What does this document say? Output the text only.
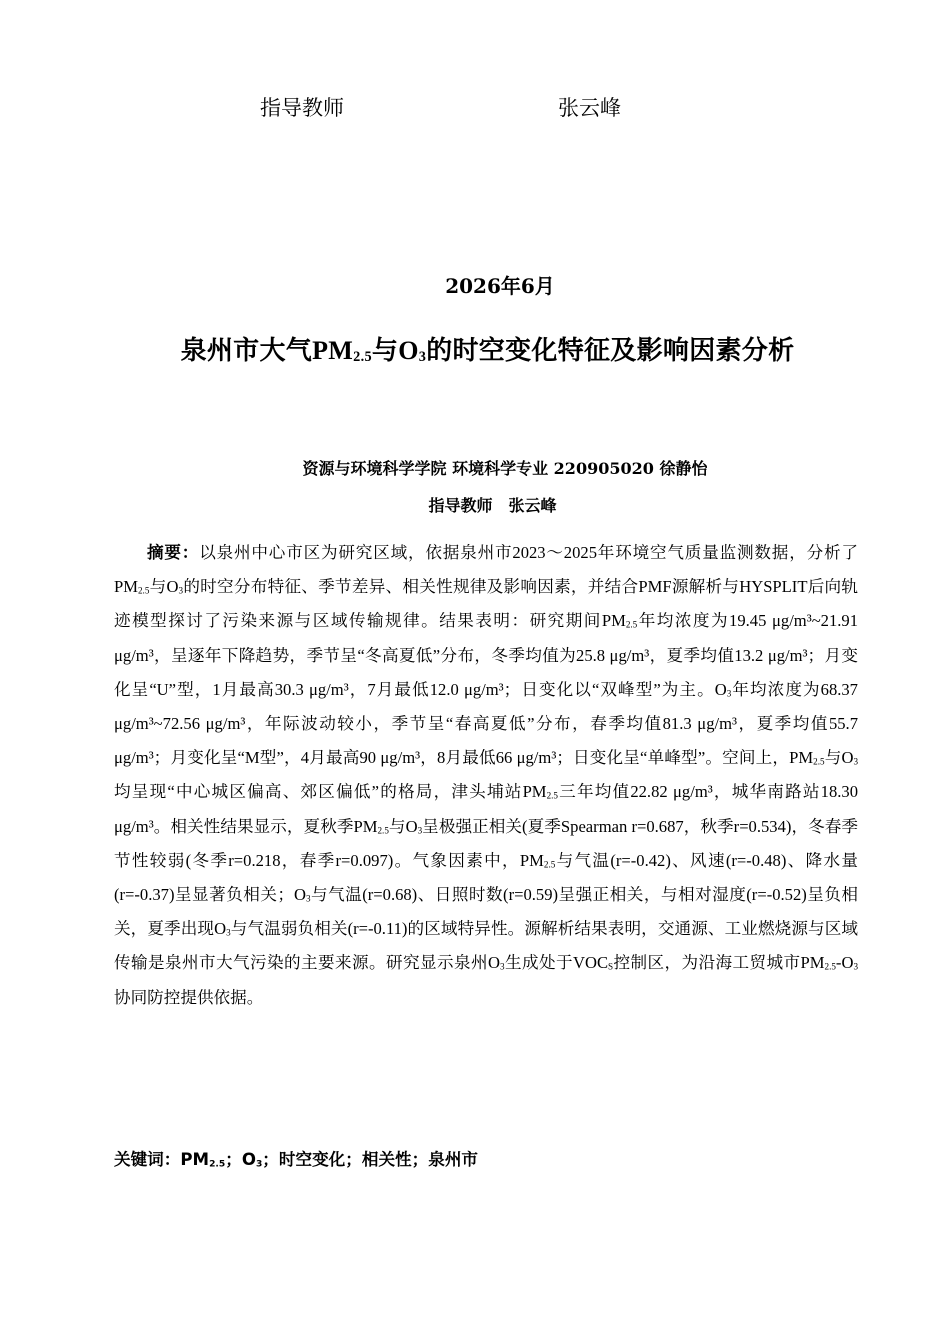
指导教师	张云峰
2026年6月
泉州市大气$PM_{2.5}$与$O_3$的时空变化特征及影响因素分析
资源与环境科学学院 环境科学专业 220905020 徐静怡
指导教师 张云峰

摘要：以泉州中心市区为研究区域，依据泉州市2023～2025年环境空气质量监测数据，分析了$PM_{2.5}$与$O_3$的时空分布特征、季节差异、相关性规律及影响因素，并结合PMF源解析与HYSPLIT后向轨迹模型探讨了污染来源与区域传输规律。结果表明：研究期间$PM_{2.5}$年均浓度为19.45 μg/m³~21.91 μg/m³，呈逐年下降趋势，季节呈“冬高夏低”分布，冬季均值为25.8 μg/m³，夏季均值13.2 μg/m³；月变化呈“U”型，1月最高30.3 μg/m³，7月最低12.0 μg/m³；日变化以“双峰型”为主。$O_3$年均浓度为68.37 μg/m³~72.56 μg/m³，年际波动较小，季节呈“春高夏低”分布，春季均值81.3 μg/m³，夏季均值55.7 μg/m³；月变化呈“M型”，4月最高90 μg/m³，8月最低66 μg/m³；日变化呈“单峰型”。空间上，$PM_{2.5}$与$O_3$均呈现“中心城区偏高、郊区偏低”的格局，津头埔站$PM_{2.5}$三年均值22.82 μg/m³，城华南路站18.30 μg/m³。相关性结果显示，夏秋季$PM_{2.5}$与$O_3$呈极强正相关(夏季Spearman r=0.687，秋季r=0.534)，冬春季节性较弱(冬季r=0.218，春季r=0.097)。气象因素中，$PM_{2.5}$与气温(r=-0.42)、风速(r=-0.48)、降水量(r=-0.37)呈显著负相关；$O_3$与气温(r=0.68)、日照时数(r=0.59)呈强正相关，与相对湿度(r=-0.52)呈负相关，夏季出现$O_3$与气温弱负相关(r=-0.11)的区域特异性。源解析结果表明，交通源、工业燃烧源与区域传输是泉州市大气污染的主要来源。研究显示泉州$O_3$生成处于$VOC_S$控制区，为沿海工贸城市$PM_{2.5}-O_3$协同防控提供依据。

关键词：$PM_{2.5}$ ； $O_3$ ； 时空变化 ； 相关性 ； 泉州市
